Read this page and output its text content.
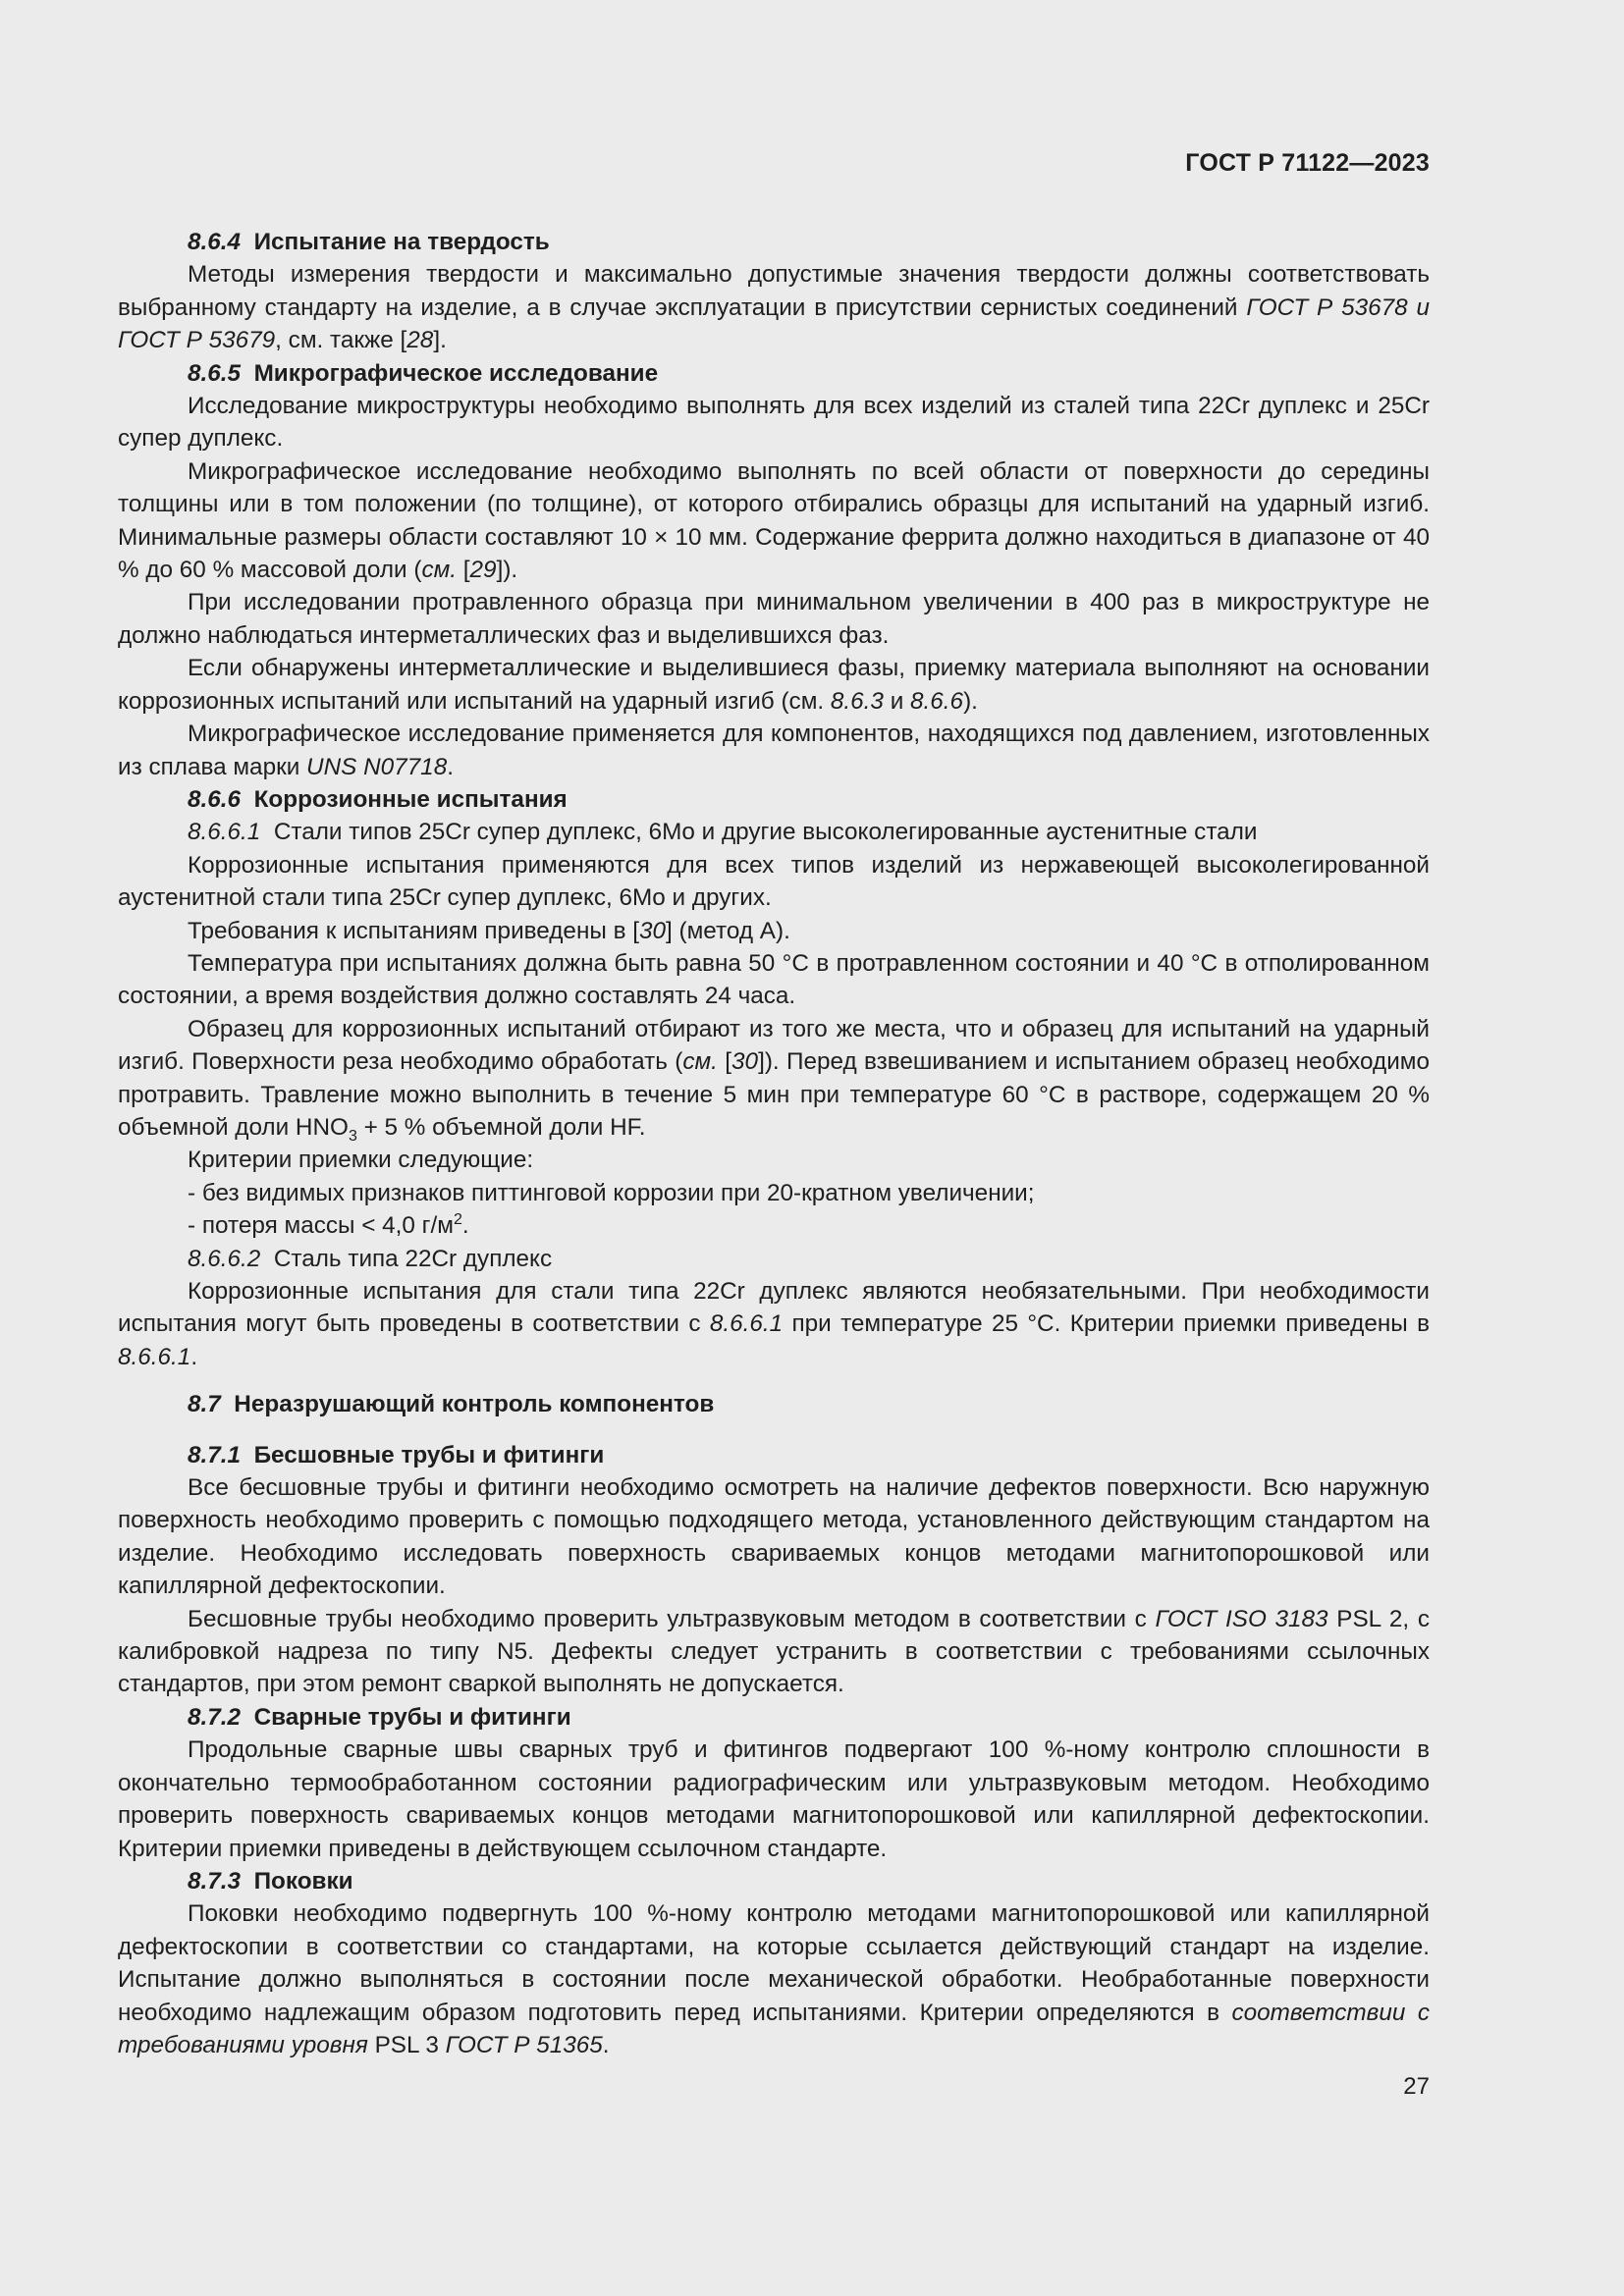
ГОСТ Р 71122—2023

8.6.4 Испытание на твердость

Методы измерения твердости и максимально допустимые значения твердости должны соответствовать выбранному стандарту на изделие, а в случае эксплуатации в присутствии сернистых соединений ГОСТ Р 53678 и ГОСТ Р 53679, см. также [28].

8.6.5 Микрографическое исследование

Исследование микроструктуры необходимо выполнять для всех изделий из сталей типа 22Cr дуплекс и 25Cr супер дуплекс.

Микрографическое исследование необходимо выполнять по всей области от поверхности до середины толщины или в том положении (по толщине), от которого отбирались образцы для испытаний на ударный изгиб. Минимальные размеры области составляют 10 × 10 мм. Содержание феррита должно находиться в диапазоне от 40 % до 60 % массовой доли (см. [29]).

При исследовании протравленного образца при минимальном увеличении в 400 раз в микроструктуре не должно наблюдаться интерметаллических фаз и выделившихся фаз.

Если обнаружены интерметаллические и выделившиеся фазы, приемку материала выполняют на основании коррозионных испытаний или испытаний на ударный изгиб (см. 8.6.3 и 8.6.6).

Микрографическое исследование применяется для компонентов, находящихся под давлением, изготовленных из сплава марки UNS N07718.

8.6.6 Коррозионные испытания

8.6.6.1 Стали типов 25Cr супер дуплекс, 6Mo и другие высоколегированные аустенитные стали

Коррозионные испытания применяются для всех типов изделий из нержавеющей высоколегированной аустенитной стали типа 25Cr супер дуплекс, 6Mo и других.

Требования к испытаниям приведены в [30] (метод А).

Температура при испытаниях должна быть равна 50 °С в протравленном состоянии и 40 °С в отполированном состоянии, а время воздействия должно составлять 24 часа.

Образец для коррозионных испытаний отбирают из того же места, что и образец для испытаний на ударный изгиб. Поверхности реза необходимо обработать (см. [30]). Перед взвешиванием и испытанием образец необходимо протравить. Травление можно выполнить в течение 5 мин при температуре 60 °С в растворе, содержащем 20 % объемной доли $HNO_3 + 5$ % объемной доли HF.

Критерии приемки следующие:

- без видимых признаков питтинговой коррозии при 20-кратном увеличении;

- потеря массы < 4,0 $г/м^2$.

8.6.6.2 Сталь типа 22Cr дуплекс

Коррозионные испытания для стали типа 22Cr дуплекс являются необязательными. При необходимости испытания могут быть проведены в соответствии с 8.6.6.1 при температуре 25 °С. Критерии приемки приведены в 8.6.6.1.

8.7 Неразрушающий контроль компонентов

8.7.1 Бесшовные трубы и фитинги

Все бесшовные трубы и фитинги необходимо осмотреть на наличие дефектов поверхности. Всю наружную поверхность необходимо проверить с помощью подходящего метода, установленного действующим стандартом на изделие. Необходимо исследовать поверхность свариваемых концов методами магнитопорошковой или капиллярной дефектоскопии.

Бесшовные трубы необходимо проверить ультразвуковым методом в соответствии с ГОСТ ISO 3183 PSL 2, с калибровкой надреза по типу N5. Дефекты следует устранить в соответствии с требованиями ссылочных стандартов, при этом ремонт сваркой выполнять не допускается.

8.7.2 Сварные трубы и фитинги

Продольные сварные швы сварных труб и фитингов подвергают 100 %-ному контролю сплошности в окончательно термообработанном состоянии радиографическим или ультразвуковым методом. Необходимо проверить поверхность свариваемых концов методами магнитопорошковой или капиллярной дефектоскопии. Критерии приемки приведены в действующем ссылочном стандарте.

8.7.3 Поковки

Поковки необходимо подвергнуть 100 %-ному контролю методами магнитопорошковой или капиллярной дефектоскопии в соответствии со стандартами, на которые ссылается действующий стандарт на изделие. Испытание должно выполняться в состоянии после механической обработки. Необработанные поверхности необходимо надлежащим образом подготовить перед испытаниями. Критерии определяются в соответствии с требованиями уровня PSL 3 ГОСТ Р 51365.

27
